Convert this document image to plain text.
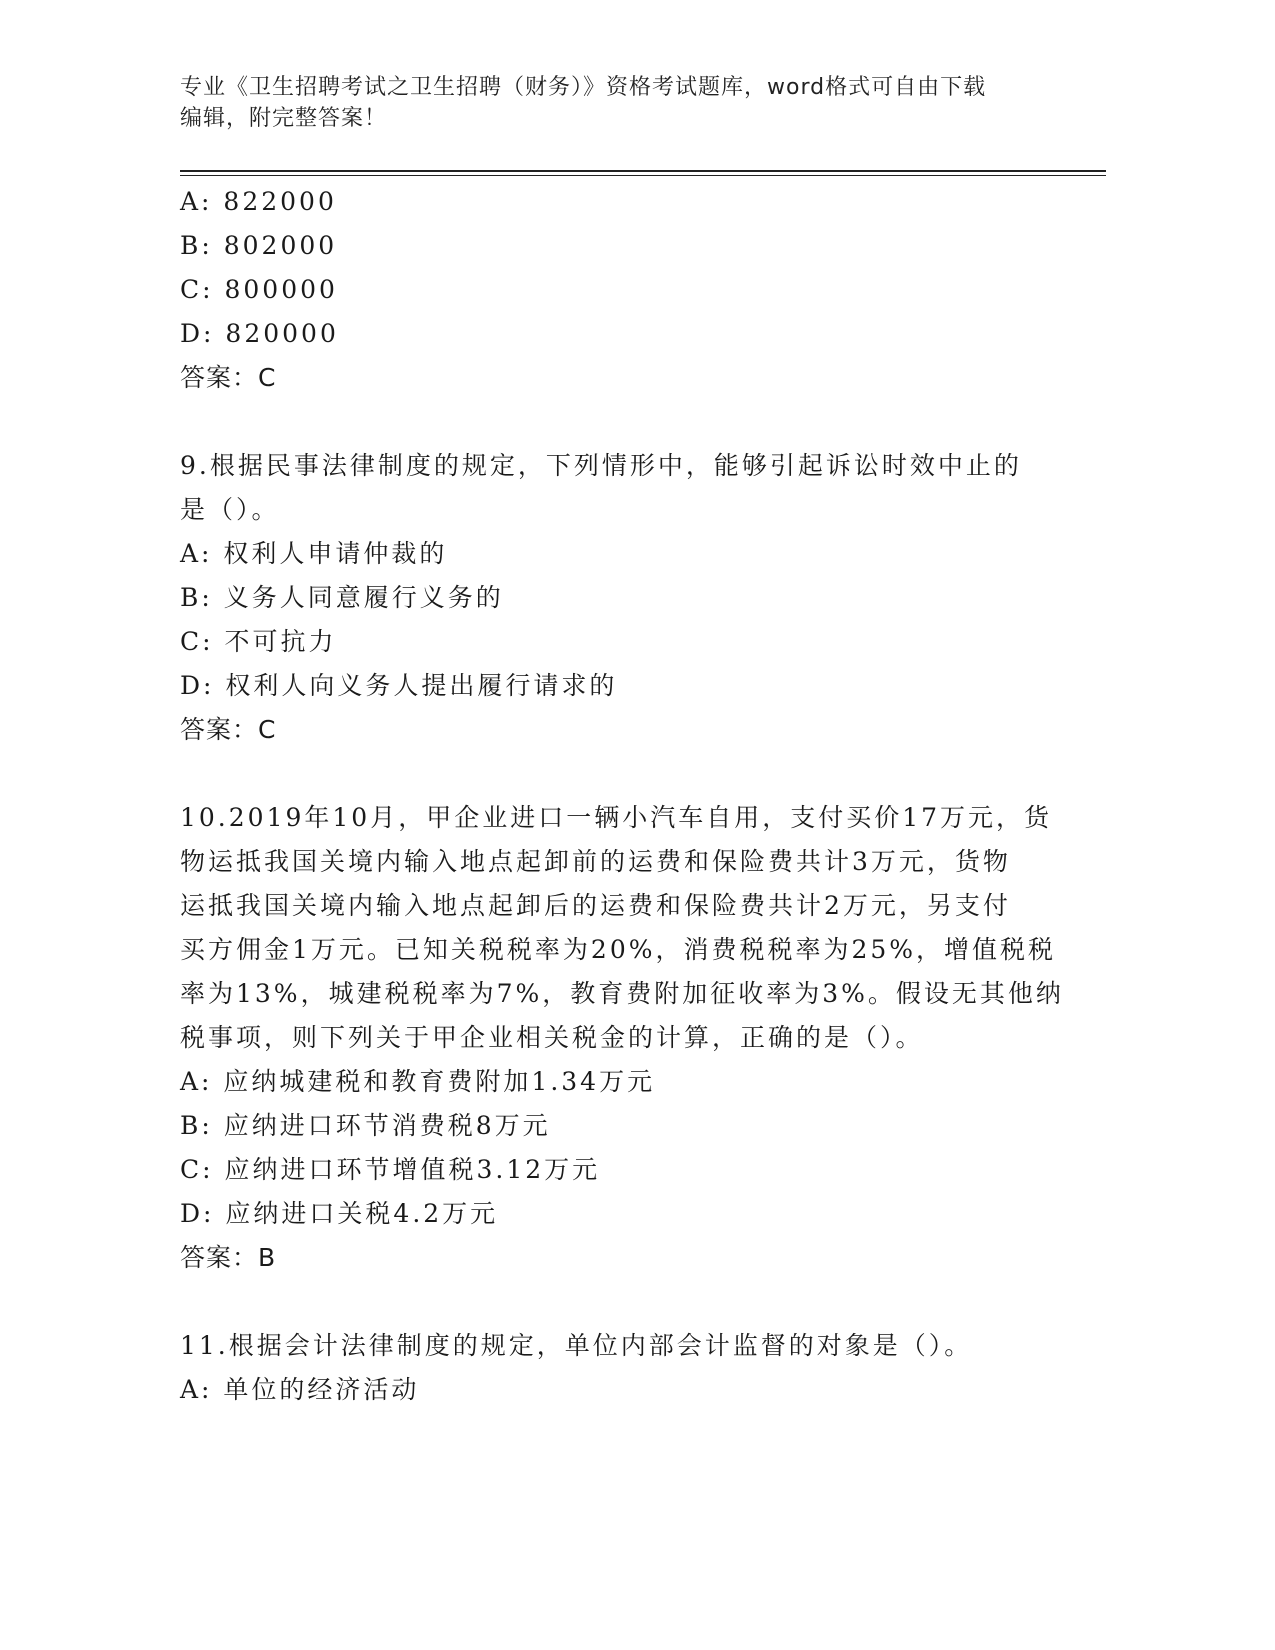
专业《卫生招聘考试之卫生招聘（财务）》资格考试题库，word格式可自由下载
编辑，附完整答案！
A: 822000
B: 802000
C: 800000
D: 820000
答案：C
9.根据民事法律制度的规定，下列情形中，能够引起诉讼时效中止的
是（）。
A: 权利人申请仲裁的
B: 义务人同意履行义务的
C: 不可抗力
D: 权利人向义务人提出履行请求的
答案：C
10.2019年10月，甲企业进口一辆小汽车自用，支付买价17万元，货
物运抵我国关境内输入地点起卸前的运费和保险费共计3万元，货物
运抵我国关境内输入地点起卸后的运费和保险费共计2万元，另支付
买方佣金1万元。已知关税税率为20%，消费税税率为25%，增值税税
率为13%，城建税税率为7%，教育费附加征收率为3%。假设无其他纳
税事项，则下列关于甲企业相关税金的计算，正确的是（）。
A: 应纳城建税和教育费附加1.34万元
B: 应纳进口环节消费税8万元
C: 应纳进口环节增值税3.12万元
D: 应纳进口关税4.2万元
答案：B
11.根据会计法律制度的规定，单位内部会计监督的对象是（）。
A: 单位的经济活动
